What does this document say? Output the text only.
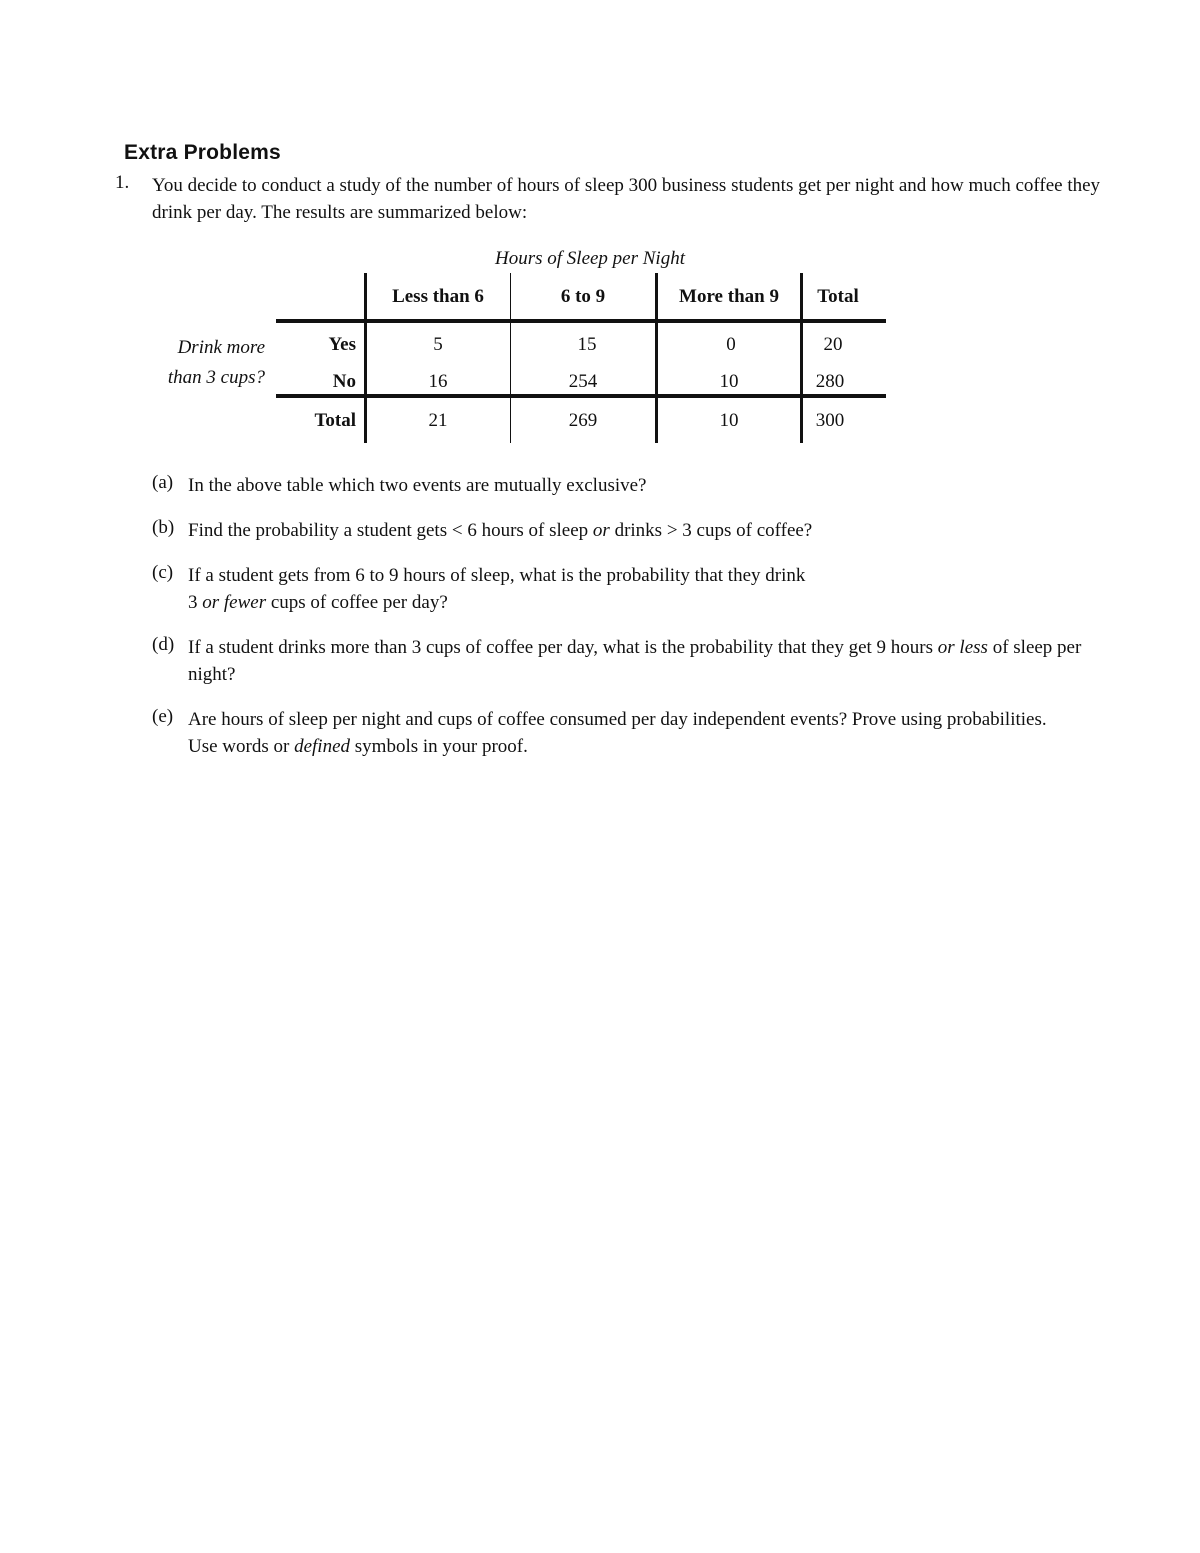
Extra Problems
1. You decide to conduct a study of the number of hours of sleep 300 business students get per night and how much coffee they drink per day. The results are summarized below:
Hours of Sleep per Night
Drink more
than 3 cups?
Less than 6	6 to 9	More than 9	Total
Yes	5	15	0	20
No	16	254	10	280
Total	21	269	10	300
(a) In the above table which two events are mutually exclusive?
(b) Find the probability a student gets < 6 hours of sleep or drinks > 3 cups of coffee?
(c) If a student gets from 6 to 9 hours of sleep, what is the probability that they drink
3 or fewer cups of coffee per day?
(d) If a student drinks more than 3 cups of coffee per day, what is the probability that they get 9 hours or less of sleep per night?
(e) Are hours of sleep per night and cups of coffee consumed per day independent events? Prove using probabilities. Use words or defined symbols in your proof.
